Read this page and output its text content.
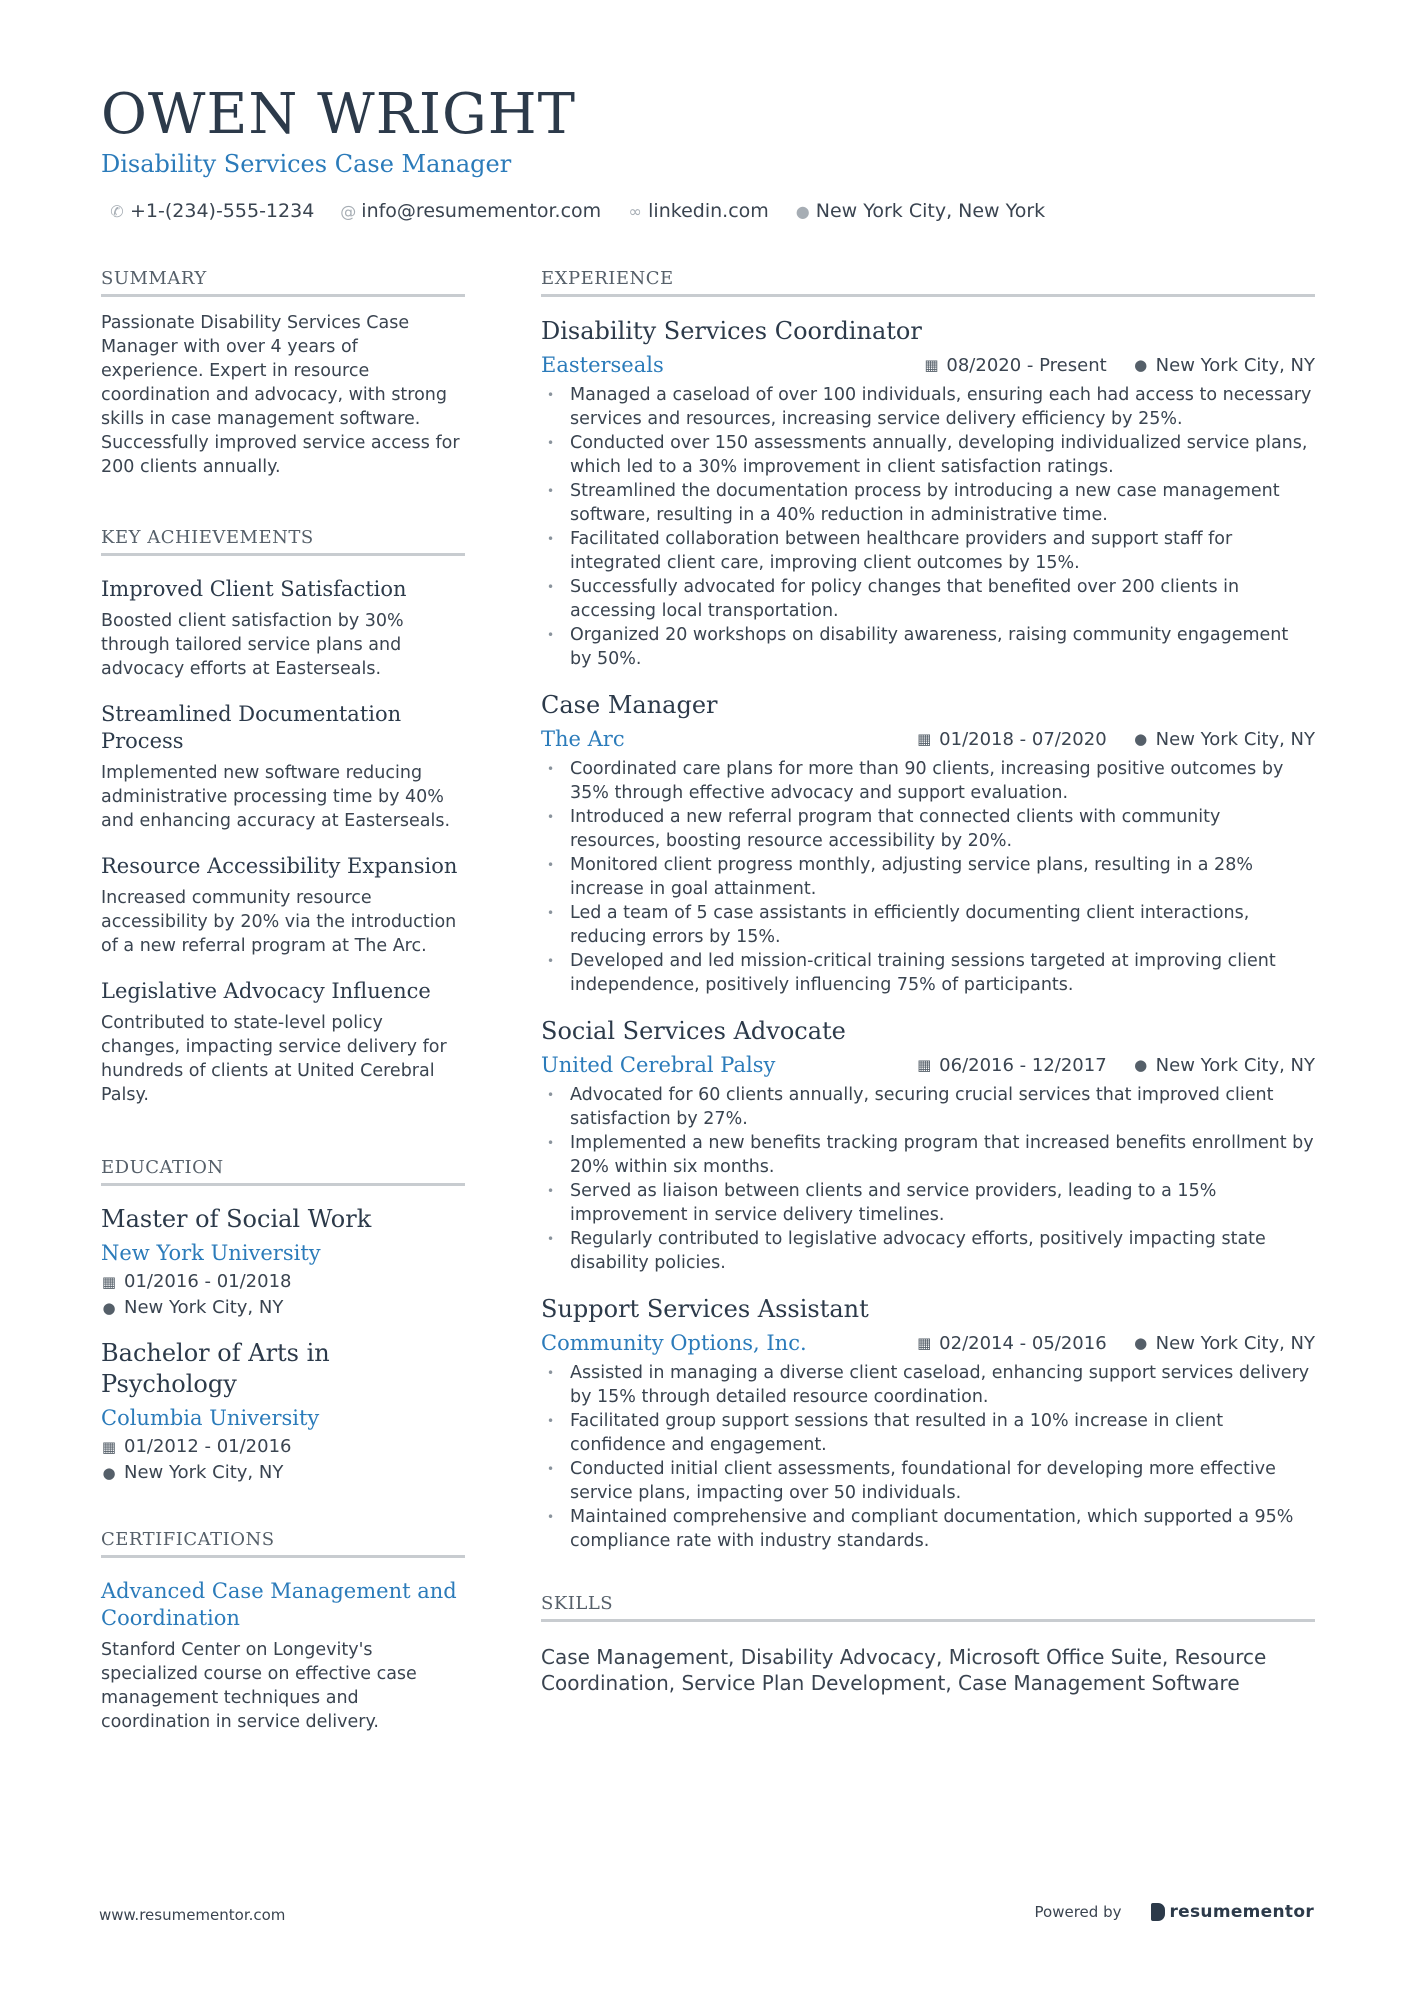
OWEN WRIGHT
Disability Services Case Manager
✆ +1-(234)-555-1234 @ info@resumementor.com ∞ linkedin.com ● New York City, New York
SUMMARY

Passionate Disability Services Case Manager with over 4 years of experience. Expert in resource coordination and advocacy, with strong skills in case management software. Successfully improved service access for 200 clients annually.

KEY ACHIEVEMENTS
Improved Client Satisfaction

Boosted client satisfaction by 30% through tailored service plans and advocacy efforts at Easterseals.

Streamlined Documentation Process

Implemented new software reducing administrative processing time by 40% and enhancing accuracy at Easterseals.

Resource Accessibility Expansion

Increased community resource accessibility by 20% via the introduction of a new referral program at The Arc.

Legislative Advocacy Influence

Contributed to state-level policy changes, impacting service delivery for hundreds of clients at United Cerebral Palsy.

EDUCATION
Master of Social Work
New York University
▦ 01/2016 - 01/2018
● New York City, NY
Bachelor of Arts in Psychology
Columbia University
▦ 01/2012 - 01/2016
● New York City, NY
CERTIFICATIONS
Advanced Case Management and Coordination

Stanford Center on Longevity's specialized course on effective case management techniques and coordination in service delivery.

EXPERIENCE
Disability Services Coordinator
Easterseals	▦ 08/2020 - Present ● New York City, NY
• Managed a caseload of over 100 individuals, ensuring each had access to necessary services and resources, increasing service delivery efficiency by 25%.
• Conducted over 150 assessments annually, developing individualized service plans, which led to a 30% improvement in client satisfaction ratings.
• Streamlined the documentation process by introducing a new case management software, resulting in a 40% reduction in administrative time.
• Facilitated collaboration between healthcare providers and support staff for integrated client care, improving client outcomes by 15%.
• Successfully advocated for policy changes that benefited over 200 clients in accessing local transportation.
• Organized 20 workshops on disability awareness, raising community engagement by 50%.
Case Manager
The Arc	▦ 01/2018 - 07/2020 ● New York City, NY
• Coordinated care plans for more than 90 clients, increasing positive outcomes by 35% through effective advocacy and support evaluation.
• Introduced a new referral program that connected clients with community resources, boosting resource accessibility by 20%.
• Monitored client progress monthly, adjusting service plans, resulting in a 28% increase in goal attainment.
• Led a team of 5 case assistants in efficiently documenting client interactions, reducing errors by 15%.
• Developed and led mission-critical training sessions targeted at improving client independence, positively influencing 75% of participants.
Social Services Advocate
United Cerebral Palsy	▦ 06/2016 - 12/2017 ● New York City, NY
• Advocated for 60 clients annually, securing crucial services that improved client satisfaction by 27%.
• Implemented a new benefits tracking program that increased benefits enrollment by 20% within six months.
• Served as liaison between clients and service providers, leading to a 15% improvement in service delivery timelines.
• Regularly contributed to legislative advocacy efforts, positively impacting state disability policies.
Support Services Assistant
Community Options, Inc.	▦ 02/2014 - 05/2016 ● New York City, NY
• Assisted in managing a diverse client caseload, enhancing support services delivery by 15% through detailed resource coordination.
• Facilitated group support sessions that resulted in a 10% increase in client confidence and engagement.
• Conducted initial client assessments, foundational for developing more effective service plans, impacting over 50 individuals.
• Maintained comprehensive and compliant documentation, which supported a 95% compliance rate with industry standards.
SKILLS

Case Management, Disability Advocacy, Microsoft Office Suite, Resource Coordination, Service Plan Development, Case Management Software

www.resumementor.com	Powered by	resumementor
